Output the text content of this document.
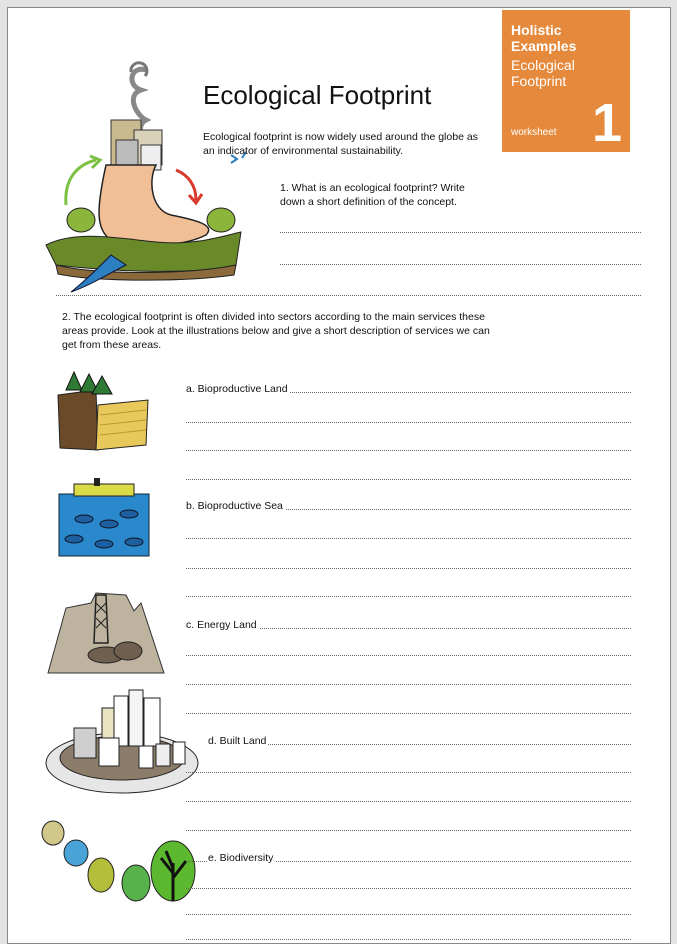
Holistic
Examples
Ecological
Footprint
worksheet 1
Ecological Footprint
Ecological footprint is now widely used around the globe as an indicator of environmental sustainability.
1. What is an ecological footprint? Write down a short definition of the concept.
2. The ecological footprint is often divided into sectors according to the main services these areas provide. Look at the illustrations below and give a short description of services we can get from these areas.
a. Bioproductive Land
b. Bioproductive Sea
c. Energy Land
d. Built Land
e. Biodiversity
